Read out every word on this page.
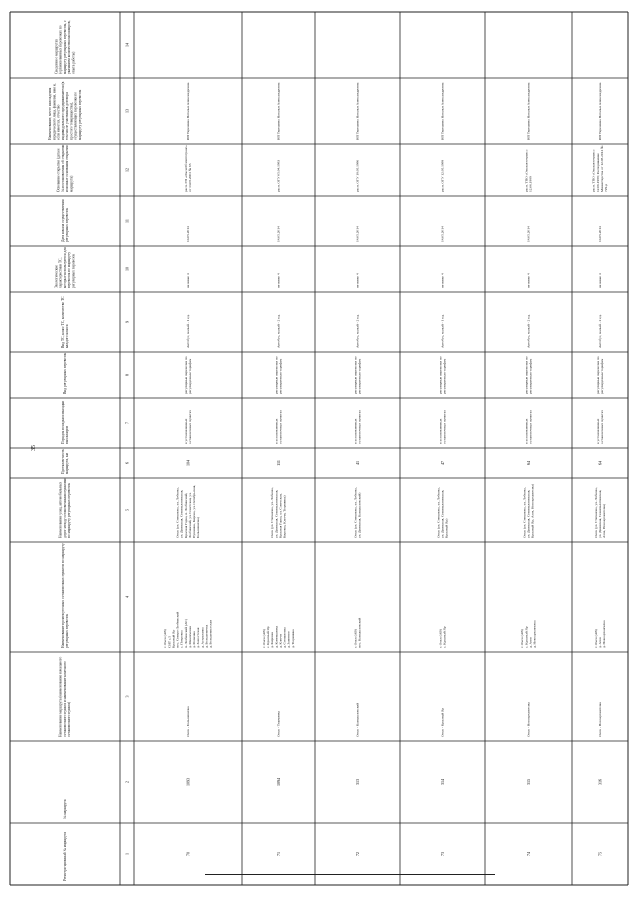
35
Регистра-ционный № маршрута
№ маршрута
Наименование маршрута (наименование начального остановочного пункта и наименование конечного остановочного пункта)
Наименование промежуточных остановочных пунктов по маршруту регулярных перевозок
Наименование улиц, автомобильных дорог между остановочными пунктами по маршруту регулярных перевозок
Протяжен-ность маршрута, км
Порядок посадки и высадки пассажиров
Вид регулярных перевозок
Вид ТС, класс ТС, количество ТС каждого класса
Экологические характеристики ТС, которые используются для перевозок по маршруту регулярных перевозок
Дата начала осуществления регулярных перевозок
Основание открытия (дата и № постановления об открытии или иные основания открытия маршрута)
Наименование, место нахождения юридического лица, фамилия, имя и, если имеется, отчество индивидуального предпринимателя (в том числе участников договора простого товарищества), осуществляющих перевозки по маршруту регулярных перевозок
Сведения о маршрутах (организованных перевозках по маршруту регулярных перевозок, с указанием количества пассажиров, опыта работы)
1
2
3
4
5
6
7
8
9
10
11
12
13
14
70
1093
Омск - Большевичка
г. Омск (АВ) СНТ с.5 Красный Яр пос. Северо-Любинский с. Покровка п. Любинский (АС) д. Максимовка д. Фоменка д. Замостская д. Астраханка д. Большевичка д. Большевистская
Омск (ул. Степанова, ул. Лобкова, ул. Двинская, Семипалатинская, Красная Горка, п. Любинский, Любинский, ул. Советская, ул. Пушкина, Кирова, ул. Октябрьская, Большевичка)
104
в установленных остановочных пунктах
регулярные перевозки по регулируемым тарифам
Автобус, малый - 1 ед.
не ниже 4
14.05.2014
расп. ГП «ОмскОблАвтотранс» от 13.08.2003 № 65
ИП Терешина Наталья Александровна
71
1094
Омск - Тюрмянка
г. Омск (АВ) с. Красный Яр д. Кировка д. Коневшинка д. Ключи д. Степановка д. Заветное д. Тюрмянка
Омск (ул. Степанова, ул. Лобкова, ул. Двинская, Семипалатинская, Красная Горка, ул. Советская, Кировка, Ключи, Тюрмянка)
111
в установленных остановочных пунктах
регулярные перевозки по регулируемым тарифам
Автобус, малый - 2 ед.
не ниже 4
14.05.2014
расп. ОГУ 05.04.1983
ИП Терешина Наталья Александровна
72
313
Омск - Камышловский
г. Омск (АВ) пос. Камышловский
Омск (ул. Степанова, ул. Лобкова, ул. Двинская, Камышловский)
41
в установленных остановочных пунктах
регулярные перевозки по регулируемым тарифам
Автобус, малый - 2 ед.
не ниже 4
14.05.2014
расп. ОГУ 18.05.1986
ИП Терешина Наталья Александровна
73
314
Омск - Красный Яр
г. Омск (АВ) с. Красный Яр
Омск (ул. Степанова, ул. Лобкова, ул. Двинская, Семипалатинская, Красный Яр)
47
в установленных остановочных пунктах
регулярные перевозки по регулируемым тарифам
Автобус, малый - 1 ед.
не ниже 4
14.05.2014
расп. ОГУ 12.05.1989
ИП Терешина Наталья Александровна
74
315
Омск - Новоархангелка
г. Омск (АВ) с. Красный Яр д. Азов д. Новоархангелка
Омск (ул. Степанова, ул. Лобкова, ул. Двинская, Семипалатинская, Красный Яр, Азов, Новоархангелка)
64
в установленных остановочных пунктах
регулярные перевозки по регулируемым тарифам
Автобус, малый - 2 ед.
не ниже 4
14.05.2014
расп. ТПО «Омскавтотранс» 12.06.1989
ИП Терешина Наталья Александровна
75
316
Омск - Новоархангелка
г. Омск (АВ) д. Азов д. Новоархангелка
Омск (ул. Степанова, ул. Лобкова, ул. Двинская, Семипалатинская, Азов, Новоархангелка)
64
в установленных остановочных пунктах
регулярные перевозки по регулируемым тарифам
Автобус, малый - 2 ед.
не ниже 4
14.05.2014
расп. ТПО «Омскавтотранс» 12.06.1989; Распоряжение Министерства от 12.08.2014 № 729-р
ИП Терешина Наталья Александровна
